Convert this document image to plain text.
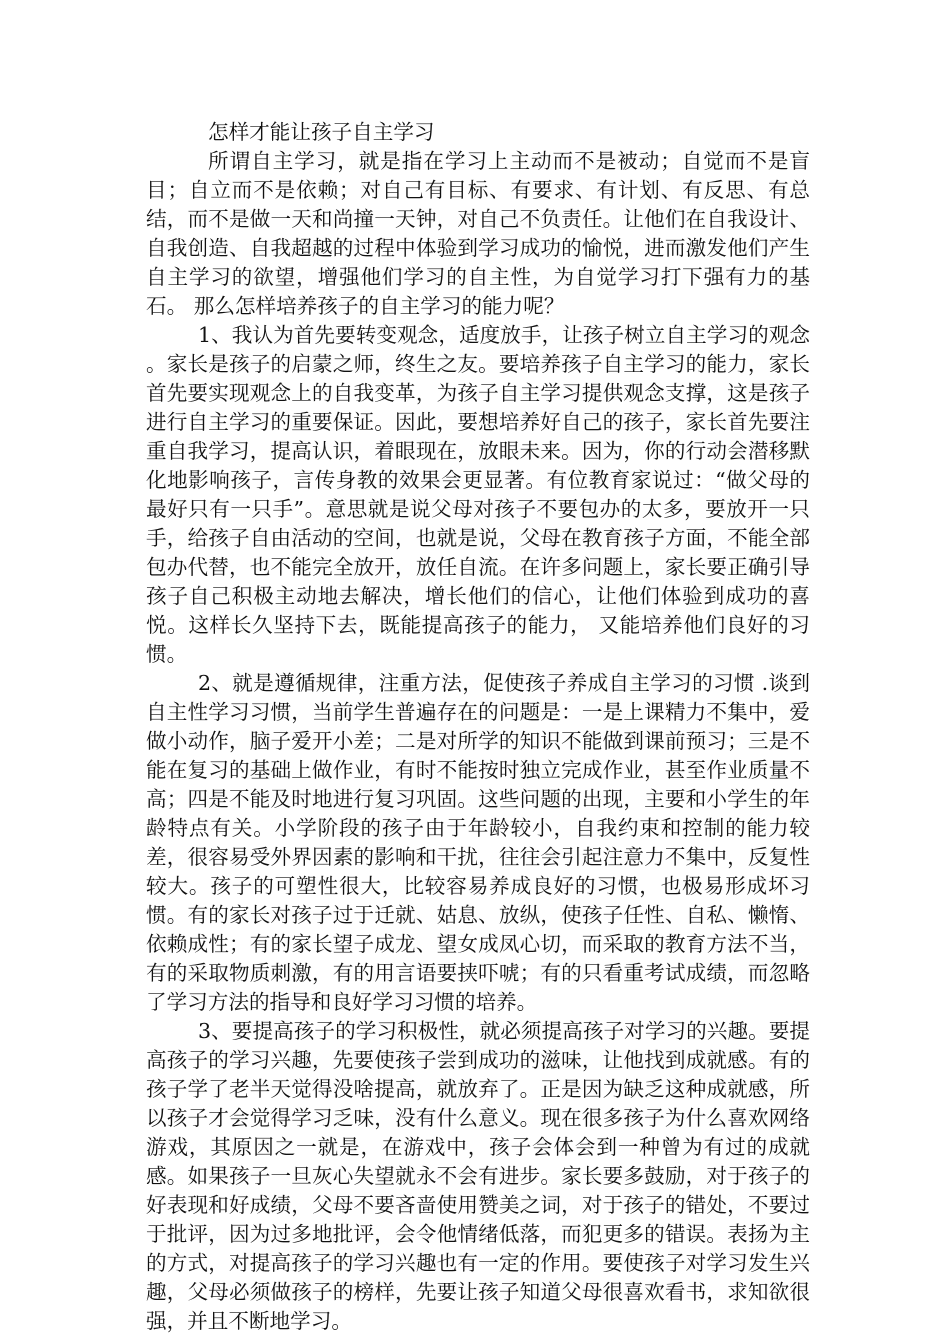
怎样才能让孩子自主学习

所谓自主学习，就是指在学习上主动而不是被动；自觉而不是盲目；自立而不是依赖；对自己有目标、有要求、有计划、有反思、有总结，而不是做一天和尚撞一天钟，对自己不负责任。让他们在自我设计、自我创造、自我超越的过程中体验到学习成功的愉悦，进而激发他们产生自主学习的欲望，增强他们学习的自主性，为自觉学习打下强有力的基石。 那么怎样培养孩子的自主学习的能力呢？

1、我认为首先要转变观念，适度放手，让孩子树立自主学习的观念 。家长是孩子的启蒙之师，终生之友。要培养孩子自主学习的能力，家长首先要实现观念上的自我变革，为孩子自主学习提供观念支撑，这是孩子进行自主学习的重要保证。因此，要想培养好自己的孩子，家长首先要注重自我学习，提高认识，着眼现在，放眼未来。因为，你的行动会潜移默化地影响孩子，言传身教的效果会更显著。有位教育家说过：“做父母的最好只有一只手”。意思就是说父母对孩子不要包办的太多，要放开一只手，给孩子自由活动的空间，也就是说，父母在教育孩子方面，不能全部包办代替，也不能完全放开，放任自流。在许多问题上，家长要正确引导孩子自己积极主动地去解决，增长他们的信心，让他们体验到成功的喜悦。这样长久坚持下去，既能提高孩子的能力， 又能培养他们良好的习惯。

2、就是遵循规律，注重方法，促使孩子养成自主学习的习惯 .谈到自主性学习习惯，当前学生普遍存在的问题是：一是上课精力不集中，爱做小动作，脑子爱开小差；二是对所学的知识不能做到课前预习；三是不能在复习的基础上做作业，有时不能按时独立完成作业，甚至作业质量不高；四是不能及时地进行复习巩固。这些问题的出现，主要和小学生的年龄特点有关。小学阶段的孩子由于年龄较小，自我约束和控制的能力较差，很容易受外界因素的影响和干扰，往往会引起注意力不集中，反复性较大。孩子的可塑性很大，比较容易养成良好的习惯，也极易形成坏习惯。有的家长对孩子过于迁就、姑息、放纵，使孩子任性、自私、懒惰、依赖成性；有的家长望子成龙、望女成凤心切，而采取的教育方法不当，有的采取物质刺激，有的用言语要挟吓唬；有的只看重考试成绩，而忽略了学习方法的指导和良好学习习惯的培养。

3、要提高孩子的学习积极性，就必须提高孩子对学习的兴趣。要提高孩子的学习兴趣，先要使孩子尝到成功的滋味，让他找到成就感。有的孩子学了老半天觉得没啥提高，就放弃了。正是因为缺乏这种成就感，所以孩子才会觉得学习乏味，没有什么意义。现在很多孩子为什么喜欢网络游戏，其原因之一就是，在游戏中，孩子会体会到一种曾为有过的成就感。如果孩子一旦灰心失望就永不会有进步。家长要多鼓励，对于孩子的好表现和好成绩，父母不要吝啬使用赞美之词，对于孩子的错处，不要过于批评，因为过多地批评，会令他情绪低落，而犯更多的错误。表扬为主的方式，对提高孩子的学习兴趣也有一定的作用。要使孩子对学习发生兴趣，父母必须做孩子的榜样，先要让孩子知道父母很喜欢看书，求知欲很强，并且不断地学习。
